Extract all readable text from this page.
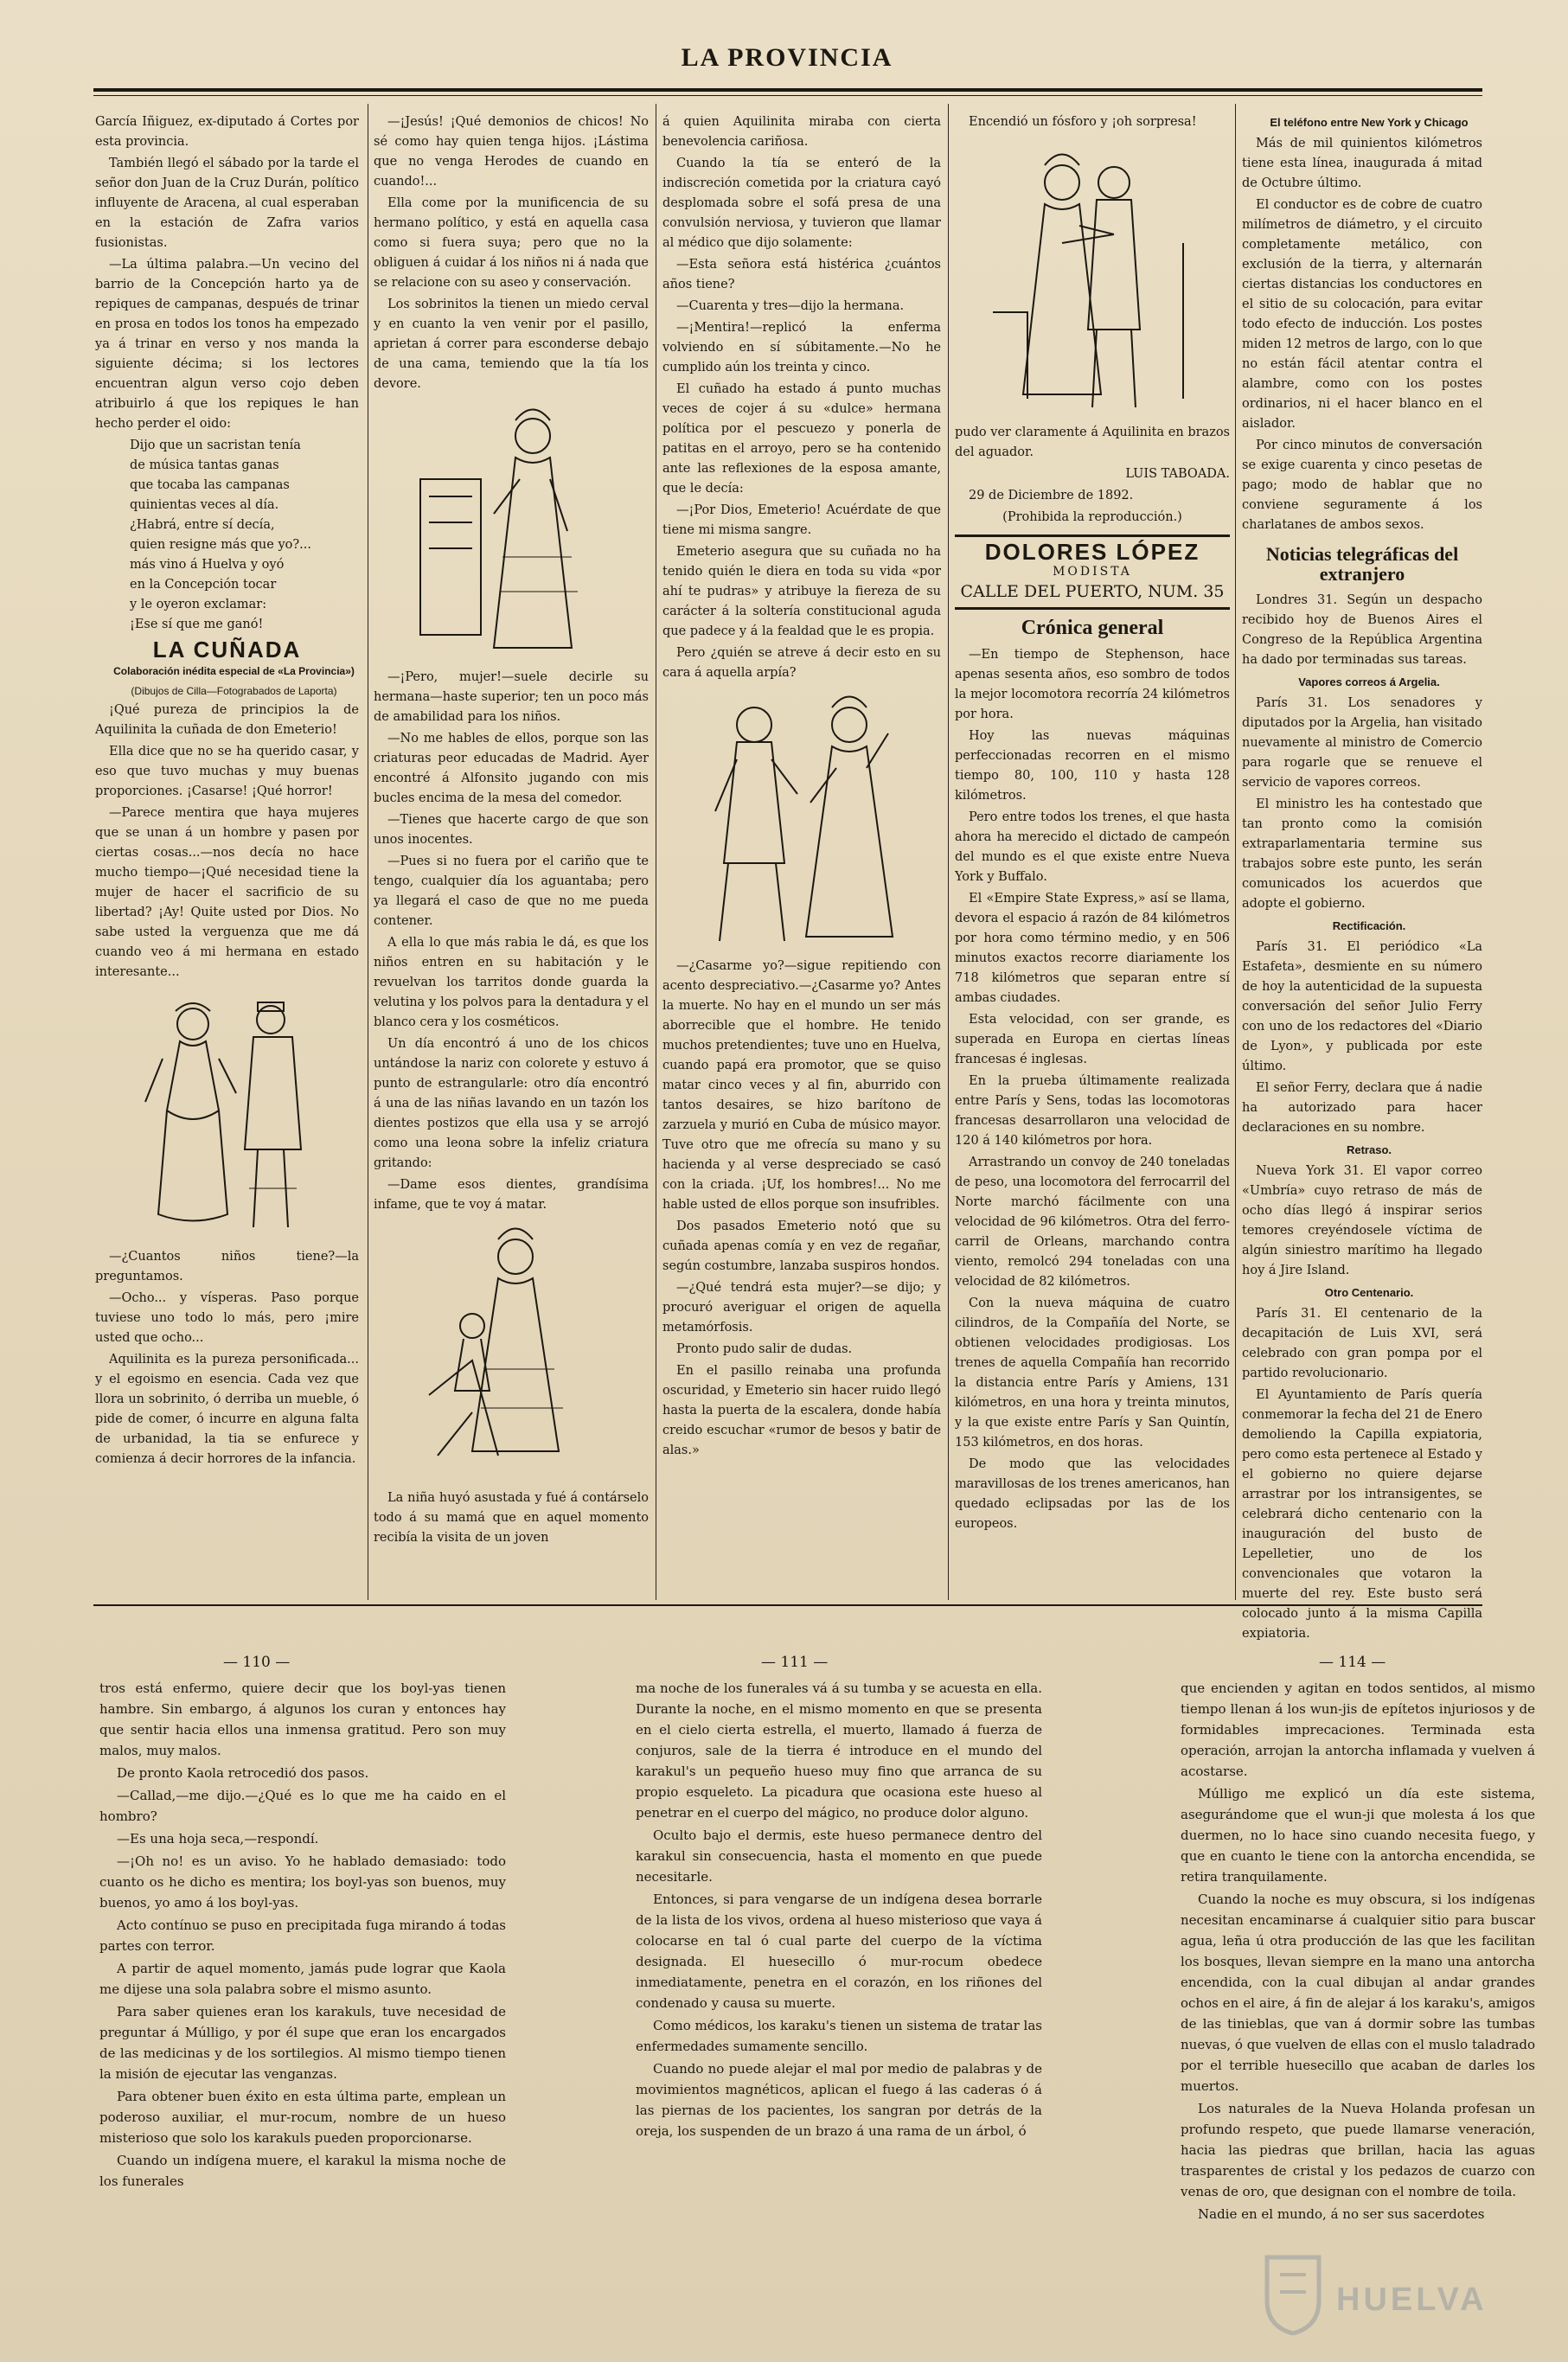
LA PROVINCIA

García Iñiguez, ex-diputado á Cortes por esta provincia.

También llegó el sábado por la tarde el señor don Juan de la Cruz Durán, político influyente de Aracena, al cual esperaban en la estación de Zafra varios fusionistas.

—La última palabra.—Un vecino del barrio de la Concepción harto ya de repiques de campanas, después de trinar en prosa en todos los tonos ha empezado ya á trinar en verso y nos manda la siguiente décima; si los lectores encuentran algun verso cojo deben atribuirlo á que los repiques le han hecho perder el oido:

Dijo que un sacristan tenía

de música tantas ganas

que tocaba las campanas

quinientas veces al día.

¿Habrá, entre sí decía,

quien resigne más que yo?...

más vino á Huelva y oyó

en la Concepción tocar

y le oyeron exclamar:

¡Ese sí que me ganó!

LA CUÑADA

Colaboración inédita especial de «La Provincia»)

(Dibujos de Cilla—Fotograbados de Laporta)

¡Qué pureza de principios la de Aquilinita la cuñada de don Emeterio!

Ella dice que no se ha querido casar, y eso que tuvo muchas y muy buenas proporciones. ¡Casarse! ¡Qué horror!

—Parece mentira que haya mujeres que se unan á un hombre y pasen por ciertas cosas...—nos decía no hace mucho tiempo—¡Qué necesidad tiene la mujer de hacer el sacrificio de su libertad? ¡Ay! Quite usted por Dios. No sabe usted la verguenza que me dá cuando veo á mi hermana en estado interesante...

—¿Cuantos niños tiene?—la preguntamos.

—Ocho... y vísperas. Paso porque tuviese uno todo lo más, pero ¡mire usted que ocho...

Aquilinita es la pureza personificada... y el egoismo en esencia. Cada vez que llora un sobrinito, ó derriba un mueble, ó pide de comer, ó incurre en alguna falta de urbanidad, la tia se enfurece y comienza á decir horrores de la infancia.

—¡Jesús! ¡Qué demonios de chicos! No sé como hay quien tenga hijos. ¡Lástima que no venga Herodes de cuando en cuando!...

Ella come por la munificencia de su hermano político, y está en aquella casa como si fuera suya; pero que no la obliguen á cuidar á los niños ni á nada que se relacione con su aseo y conservación.

Los sobrinitos la tienen un miedo cerval y en cuanto la ven venir por el pasillo, aprietan á correr para esconderse debajo de una cama, temiendo que la tía los devore.

—¡Pero, mujer!—suele decirle su hermana—haste superior; ten un poco más de amabilidad para los niños.

—No me hables de ellos, porque son las criaturas peor educadas de Madrid. Ayer encontré á Alfonsito jugando con mis bucles encima de la mesa del comedor.

—Tienes que hacerte cargo de que son unos inocentes.

—Pues si no fuera por el cariño que te tengo, cualquier día los aguantaba; pero ya llegará el caso de que no me pueda contener.

A ella lo que más rabia le dá, es que los niños entren en su habitación y le revuelvan los tarritos donde guarda la velutina y los polvos para la dentadura y el blanco cera y los cosméticos.

Un día encontró á uno de los chicos untándose la nariz con colorete y estuvo á punto de estrangularle: otro día encontró á una de las niñas lavando en un tazón los dientes postizos que ella usa y se arrojó como una leona sobre la infeliz criatura gritando:

—Dame esos dientes, grandísima infame, que te voy á matar.

La niña huyó asustada y fué á contárselo todo á su mamá que en aquel momento recibía la visita de un joven

á quien Aquilinita miraba con cierta benevolencia cariñosa.

Cuando la tía se enteró de la indiscreción cometida por la criatura cayó desplomada sobre el sofá presa de una convulsión nerviosa, y tuvieron que llamar al médico que dijo solamente:

—Esta señora está histérica ¿cuántos años tiene?

—Cuarenta y tres—dijo la hermana.

—¡Mentira!—replicó la enferma volviendo en sí súbitamente.—No he cumplido aún los treinta y cinco.

El cuñado ha estado á punto muchas veces de cojer á su «dulce» hermana política por el pescuezo y ponerla de patitas en el arroyo, pero se ha contenido ante las reflexiones de la esposa amante, que le decía:

—¡Por Dios, Emeterio! Acuérdate de que tiene mi misma sangre.

Emeterio asegura que su cuñada no ha tenido quién le diera en toda su vida «por ahí te pudras» y atribuye la fiereza de su carácter á la soltería constitucional aguda que padece y á la fealdad que le es propia.

Pero ¿quién se atreve á decir esto en su cara á aquella arpía?

—¿Casarme yo?—sigue repitiendo con acento despreciativo.—¿Casarme yo? Antes la muerte. No hay en el mundo un ser más aborrecible que el hombre. He tenido muchos pretendientes; tuve uno en Huelva, cuando papá era promotor, que se quiso matar cinco veces y al fin, aburrido con tantos desaires, se hizo barítono de zarzuela y murió en Cuba de músico mayor. Tuve otro que me ofrecía su mano y su hacienda y al verse despreciado se casó con la criada. ¡Uf, los hombres!... No me hable usted de ellos porque son insufribles.

Dos pasados Emeterio notó que su cuñada apenas comía y en vez de regañar, según costumbre, lanzaba suspiros hondos.

—¿Qué tendrá esta mujer?—se dijo; y procuró averiguar el origen de aquella metamórfosis.

Pronto pudo salir de dudas.

En el pasillo reinaba una profunda oscuridad, y Emeterio sin hacer ruido llegó hasta la puerta de la escalera, donde había creido escuchar «rumor de besos y batir de alas.»

Encendió un fósforo y ¡oh sorpresa!

pudo ver claramente á Aquilinita en brazos del aguador.

LUIS TABOADA.

29 de Diciembre de 1892.

(Prohibida la reproducción.)

DOLORES LÓPEZ
MODISTA
CALLE DEL PUERTO, NUM. 35
Crónica general

—En tiempo de Stephenson, hace apenas sesenta años, eso sombro de todos la mejor locomotora recorría 24 kilómetros por hora.

Hoy las nuevas máquinas perfeccionadas recorren en el mismo tiempo 80, 100, 110 y hasta 128 kilómetros.

Pero entre todos los trenes, el que hasta ahora ha merecido el dictado de campeón del mundo es el que existe entre Nueva York y Buffalo.

El «Empire State Express,» así se llama, devora el espacio á razón de 84 kilómetros por hora como término medio, y en 506 minutos exactos recorre diariamente los 718 kilómetros que separan entre sí ambas ciudades.

Esta velocidad, con ser grande, es superada en Europa en ciertas líneas francesas é inglesas.

En la prueba últimamente realizada entre París y Sens, todas las locomotoras francesas desarrollaron una velocidad de 120 á 140 kilómetros por hora.

Arrastrando un convoy de 240 toneladas de peso, una locomotora del ferrocarril del Norte marchó fácilmente con una velocidad de 96 kilómetros. Otra del ferro-carril de Orleans, marchando contra viento, remolcó 294 toneladas con una velocidad de 82 kilómetros.

Con la nueva máquina de cuatro cilindros, de la Compañía del Norte, se obtienen velocidades prodigiosas. Los trenes de aquella Compañía han recorrido la distancia entre París y Amiens, 131 kilómetros, en una hora y treinta minutos, y la que existe entre París y San Quintín, 153 kilómetros, en dos horas.

De modo que las velocidades maravillosas de los trenes americanos, han quedado eclipsadas por las de los europeos.

El teléfono entre New York y Chicago

Más de mil quinientos kilómetros tiene esta línea, inaugurada á mitad de Octubre último.

El conductor es de cobre de cuatro milímetros de diámetro, y el circuito completamente metálico, con exclusión de la tierra, y alternarán ciertas distancias los conductores en el sitio de su colocación, para evitar todo efecto de inducción. Los postes miden 12 metros de largo, con lo que no están fácil atentar contra el alambre, como con los postes ordinarios, ni el hacer blanco en el aislador.

Por cinco minutos de conversación se exige cuarenta y cinco pesetas de pago; modo de hablar que no conviene seguramente á los charlatanes de ambos sexos.

Noticias telegráficas del extranjero

Londres 31. Según un despacho recibido hoy de Buenos Aires el Congreso de la República Argentina ha dado por terminadas sus tareas.

Vapores correos á Argelia.

París 31. Los senadores y diputados por la Argelia, han visitado nuevamente al ministro de Comercio para rogarle que se renueve el servicio de vapores correos.

El ministro les ha contestado que tan pronto como la comisión extraparlamentaria termine sus trabajos sobre este punto, les serán comunicados los acuerdos que adopte el gobierno.

Rectificación.

París 31. El periódico «La Estafeta», desmiente en su número de hoy la autenticidad de la supuesta conversación del señor Julio Ferry con uno de los redactores del «Diario de Lyon», y publicada por este último.

El señor Ferry, declara que á nadie ha autorizado para hacer declaraciones en su nombre.

Retraso.

Nueva York 31. El vapor correo «Umbría» cuyo retraso de más de ocho días llegó á inspirar serios temores creyéndosele víctima de algún siniestro marítimo ha llegado hoy á Jire Island.

Otro Centenario.

París 31. El centenario de la decapitación de Luis XVI, será celebrado con gran pompa por el partido revolucionario.

El Ayuntamiento de París quería conmemorar la fecha del 21 de Enero demoliendo la Capilla expiatoria, pero como esta pertenece al Estado y el gobierno no quiere dejarse arrastrar por los intransigentes, se celebrará dicho centenario con la inauguración del busto de Lepelletier, uno de los convencionales que votaron la muerte del rey. Este busto será colocado junto á la misma Capilla expiatoria.

— 110 —	— 111 —	— 114 —

tros está enfermo, quiere decir que los boyl-yas tienen hambre. Sin embargo, á algunos los curan y entonces hay que sentir hacia ellos una inmensa gratitud. Pero son muy malos, muy malos.

De pronto Kaola retrocedió dos pasos.

—Callad,—me dijo.—¿Qué es lo que me ha caido en el hombro?

—Es una hoja seca,—respondí.

—¡Oh no! es un aviso. Yo he hablado demasiado: todo cuanto os he dicho es mentira; los boyl-yas son buenos, muy buenos, yo amo á los boyl-yas.

Acto contínuo se puso en precipitada fuga mirando á todas partes con terror.

A partir de aquel momento, jamás pude lograr que Kaola me dijese una sola palabra sobre el mismo asunto.

Para saber quienes eran los karakuls, tuve necesidad de preguntar á Múlligo, y por él supe que eran los encargados de las medicinas y de los sortilegios. Al mismo tiempo tienen la misión de ejecutar las venganzas.

Para obtener buen éxito en esta última parte, emplean un poderoso auxiliar, el mur-rocum, nombre de un hueso misterioso que solo los karakuls pueden proporcionarse.

Cuando un indígena muere, el karakul la misma noche de los funerales

ma noche de los funerales vá á su tumba y se acuesta en ella. Durante la noche, en el mismo momento en que se presenta en el cielo cierta estrella, el muerto, llamado á fuerza de conjuros, sale de la tierra é introduce en el mundo del karakul's un pequeño hueso muy fino que arranca de su propio esqueleto. La picadura que ocasiona este hueso al penetrar en el cuerpo del mágico, no produce dolor alguno.

Oculto bajo el dermis, este hueso permanece dentro del karakul sin consecuencia, hasta el momento en que puede necesitarle.

Entonces, si para vengarse de un indígena desea borrarle de la lista de los vivos, ordena al hueso misterioso que vaya á colocarse en tal ó cual parte del cuerpo de la víctima designada. El huesecillo ó mur-rocum obedece inmediatamente, penetra en el corazón, en los riñones del condenado y causa su muerte.

Como médicos, los karaku's tienen un sistema de tratar las enfermedades sumamente sencillo.

Cuando no puede alejar el mal por medio de palabras y de movimientos magnéticos, aplican el fuego á las caderas ó á las piernas de los pacientes, los sangran por detrás de la oreja, los suspenden de un brazo á una rama de un árbol, ó

que encienden y agitan en todos sentidos, al mismo tiempo llenan á los wun-jis de epítetos injuriosos y de formidables imprecaciones. Terminada esta operación, arrojan la antorcha inflamada y vuelven á acostarse.

Múlligo me explicó un día este sistema, asegurándome que el wun-ji que molesta á los que duermen, no lo hace sino cuando necesita fuego, y que en cuanto le tiene con la antorcha encendida, se retira tranquilamente.

Cuando la noche es muy obscura, si los indígenas necesitan encaminarse á cualquier sitio para buscar agua, leña ú otra producción de las que les facilitan los bosques, llevan siempre en la mano una antorcha encendida, con la cual dibujan al andar grandes ochos en el aire, á fin de alejar á los karaku's, amigos de las tinieblas, que van á dormir sobre las tumbas nuevas, ó que vuelven de ellas con el muslo taladrado por el terrible huesecillo que acaban de darles los muertos.

Los naturales de la Nueva Holanda profesan un profundo respeto, que puede llamarse veneración, hacia las piedras que brillan, hacia las aguas trasparentes de cristal y los pedazos de cuarzo con venas de oro, que designan con el nombre de toila.

Nadie en el mundo, á no ser sus sacerdotes

HUELVA
